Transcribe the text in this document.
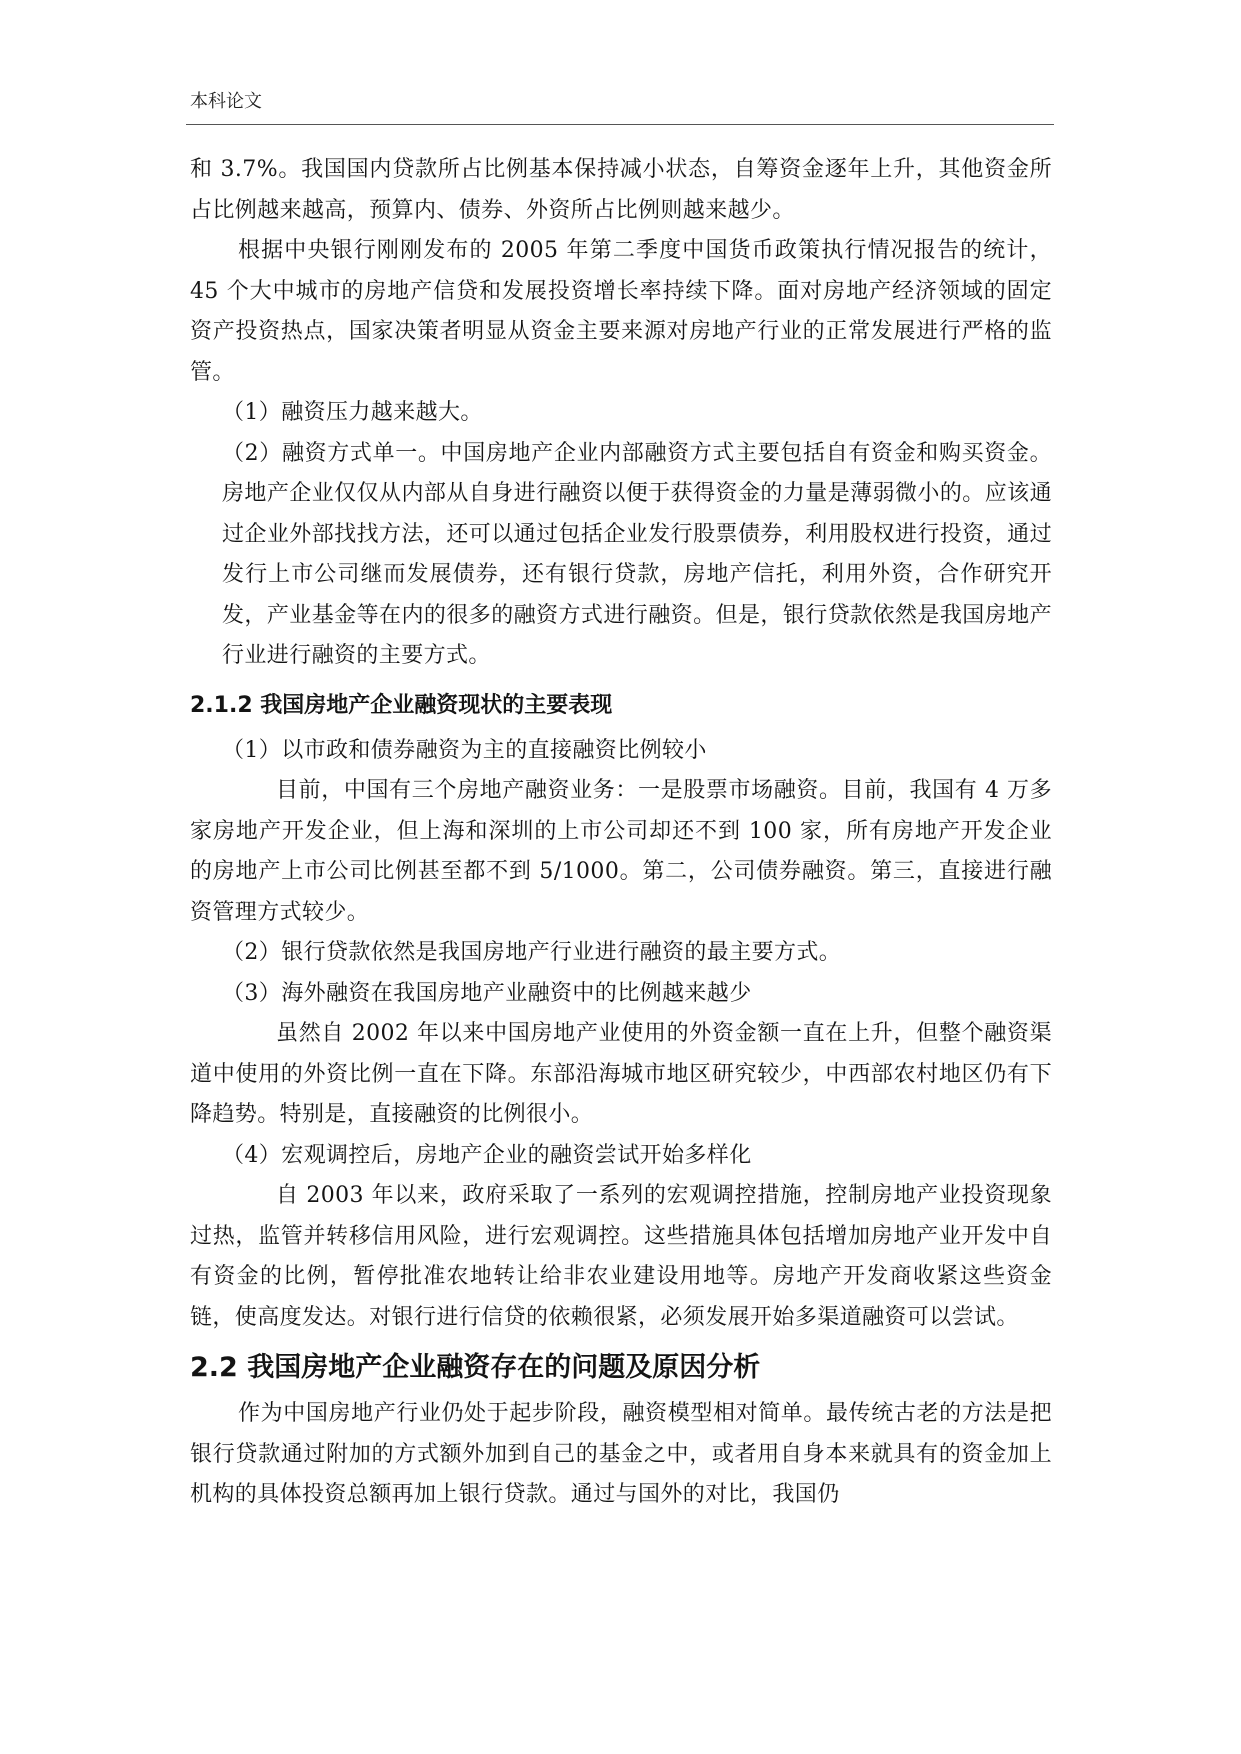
本科论文

和 3.7%。我国国内贷款所占比例基本保持减小状态，自筹资金逐年上升，其他资金所占比例越来越高，预算内、债券、外资所占比例则越来越少。

根据中央银行刚刚发布的 2005 年第二季度中国货币政策执行情况报告的统计，45 个大中城市的房地产信贷和发展投资增长率持续下降。面对房地产经济领域的固定资产投资热点，国家决策者明显从资金主要来源对房地产行业的正常发展进行严格的监管。

（1）融资压力越来越大。

（2）融资方式单一。中国房地产企业内部融资方式主要包括自有资金和购买资金。房地产企业仅仅从内部从自身进行融资以便于获得资金的力量是薄弱微小的。应该通过企业外部找找方法，还可以通过包括企业发行股票债券，利用股权进行投资，通过发行上市公司继而发展债券，还有银行贷款，房地产信托，利用外资，合作研究开发，产业基金等在内的很多的融资方式进行融资。但是，银行贷款依然是我国房地产行业进行融资的主要方式。

2.1.2 我国房地产企业融资现状的主要表现

（1）以市政和债券融资为主的直接融资比例较小

目前，中国有三个房地产融资业务：一是股票市场融资。目前，我国有 4 万多家房地产开发企业，但上海和深圳的上市公司却还不到 100 家，所有房地产开发企业的房地产上市公司比例甚至都不到 5/1000。第二，公司债券融资。第三，直接进行融资管理方式较少。

（2）银行贷款依然是我国房地产行业进行融资的最主要方式。

（3）海外融资在我国房地产业融资中的比例越来越少

虽然自 2002 年以来中国房地产业使用的外资金额一直在上升，但整个融资渠道中使用的外资比例一直在下降。东部沿海城市地区研究较少，中西部农村地区仍有下降趋势。特别是，直接融资的比例很小。

（4）宏观调控后，房地产企业的融资尝试开始多样化

自 2003 年以来，政府采取了一系列的宏观调控措施，控制房地产业投资现象过热，监管并转移信用风险，进行宏观调控。这些措施具体包括增加房地产业开发中自有资金的比例，暂停批准农地转让给非农业建设用地等。房地产开发商收紧这些资金链，使高度发达。对银行进行信贷的依赖很紧，必须发展开始多渠道融资可以尝试。

2.2 我国房地产企业融资存在的问题及原因分析

作为中国房地产行业仍处于起步阶段，融资模型相对简单。最传统古老的方法是把银行贷款通过附加的方式额外加到自己的基金之中，或者用自身本来就具有的资金加上机构的具体投资总额再加上银行贷款。通过与国外的对比，我国仍
